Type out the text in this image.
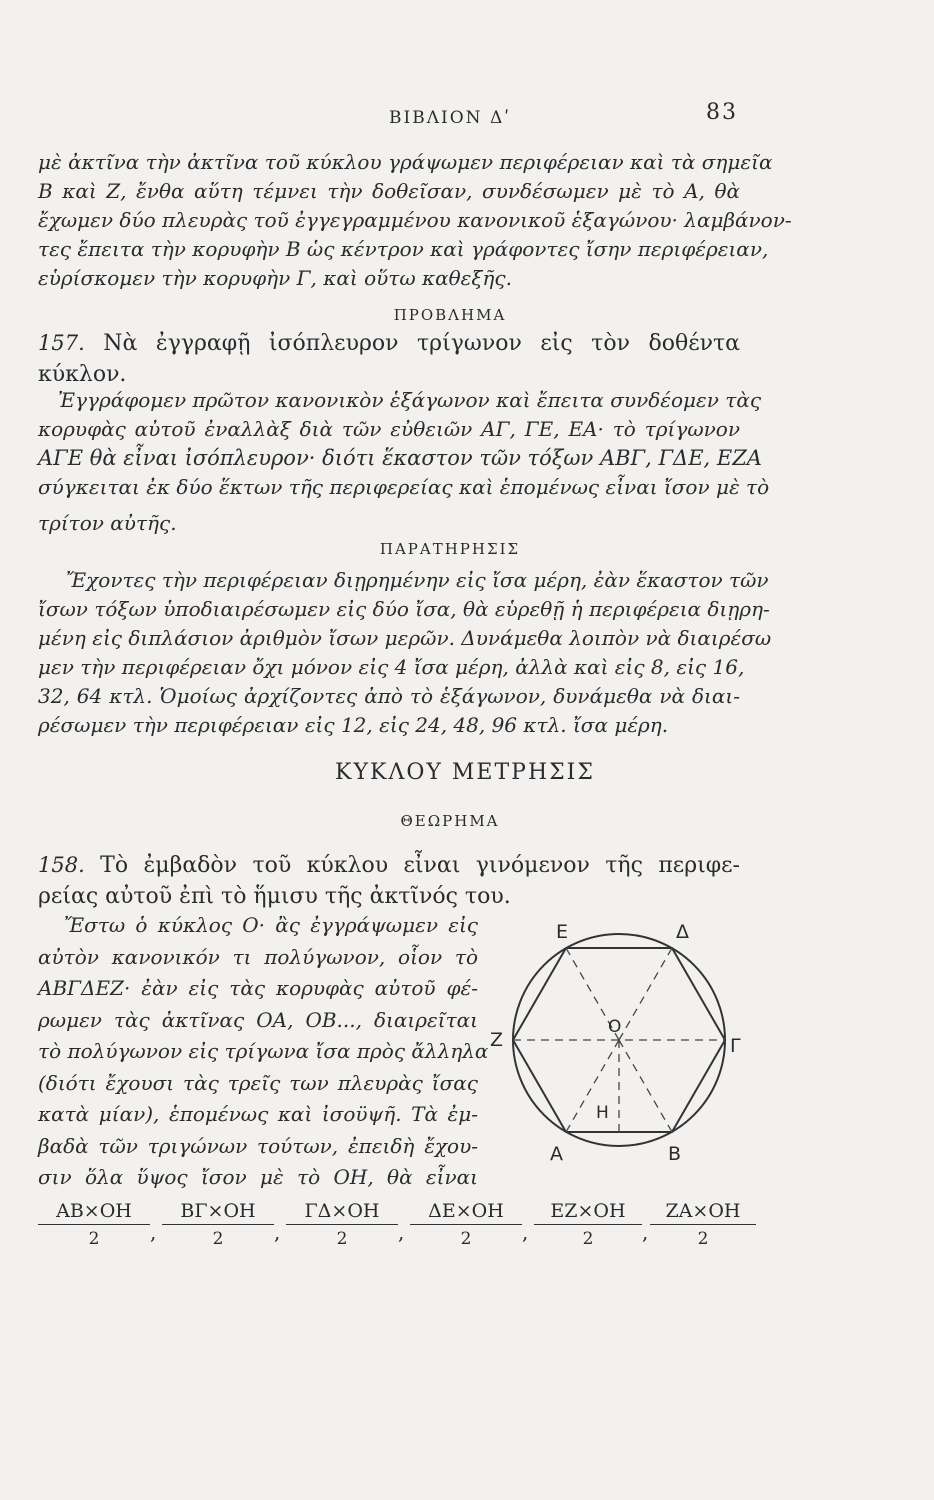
ΒΙΒΛΙΟΝ Δʹ	83
μὲ ἀκτῖνα τὴν ἀκτῖνα τοῦ κύκλου γράψωμεν περιφέρειαν καὶ τὰ σημεῖα
Β καὶ Ζ, ἔνθα αὕτη τέμνει τὴν δοθεῖσαν, συνδέσωμεν μὲ τὸ Α, θὰ
ἔχωμεν δύο πλευρὰς τοῦ ἐγγεγραμμένου κανονικοῦ ἑξαγώνου· λαμβάνον-
τες ἔπειτα τὴν κορυφὴν Β ὡς κέντρον καὶ γράφοντες ἴσην περιφέρειαν,
εὑρίσκομεν τὴν κορυφὴν Γ, καὶ οὕτω καθεξῆς.
ΠΡΟΒΛΗΜΑ
157. Νὰ ἐγγραφῇ ἰσόπλευρον τρίγωνον εἰς τὸν δοθέντα
κύκλον.
Ἐγγράφομεν πρῶτον κανονικὸν ἑξάγωνον καὶ ἔπειτα συνδέομεν τὰς
κορυφὰς αὐτοῦ ἐναλλὰξ διὰ τῶν εὐθειῶν ΑΓ, ΓΕ, ΕΑ· τὸ τρίγωνον
ΑΓΕ θὰ εἶναι ἰσόπλευρον· διότι ἕκαστον τῶν τόξων ΑΒΓ, ΓΔΕ, ΕΖΑ
σύγκειται ἐκ δύο ἕκτων τῆς περιφερείας καὶ ἑπομένως εἶναι ἴσον μὲ τὸ
τρίτον αὐτῆς.
ΠΑΡΑΤΗΡΗΣΙΣ
Ἔχοντες τὴν περιφέρειαν διῃρημένην εἰς ἴσα μέρη, ἐὰν ἕκαστον τῶν
ἴσων τόξων ὑποδιαιρέσωμεν εἰς δύο ἴσα, θὰ εὑρεθῇ ἡ περιφέρεια διῃρη-
μένη εἰς διπλάσιον ἀριθμὸν ἴσων μερῶν. Δυνάμεθα λοιπὸν νὰ διαιρέσω
μεν τὴν περιφέρειαν ὄχι μόνον εἰς 4 ἴσα μέρη, ἀλλὰ καὶ εἰς 8, εἰς 16,
32, 64 κτλ. Ὁμοίως ἀρχίζοντες ἀπὸ τὸ ἑξάγωνον, δυνάμεθα νὰ διαι-
ρέσωμεν τὴν περιφέρειαν εἰς 12, εἰς 24, 48, 96 κτλ. ἴσα μέρη.
ΚΥΚΛΟΥ ΜΕΤΡΗΣΙΣ
ΘΕΩΡΗΜΑ
158. Τὸ ἐμβαδὸν τοῦ κύκλου εἶναι γινόμενον τῆς περιφε-
ρείας αὐτοῦ ἐπὶ τὸ ἥμισυ τῆς ἀκτῖνός του.
Ἔστω ὁ κύκλος Ο· ἂς ἐγγράψωμεν εἰς
αὐτὸν κανονικόν τι πολύγωνον, οἷον τὸ
ΑΒΓΔΕΖ· ἐὰν εἰς τὰς κορυφὰς αὐτοῦ φέ-
ρωμεν τὰς ἀκτῖνας ΟΑ, ΟΒ..., διαιρεῖται
τὸ πολύγωνον εἰς τρίγωνα ἴσα πρὸς ἄλληλα
(διότι ἔχουσι τὰς τρεῖς των πλευρὰς ἴσας
κατὰ μίαν), ἑπομένως καὶ ἰσοϋψῆ. Τὰ ἐμ-
βαδὰ τῶν τριγώνων τούτων, ἐπειδὴ ἔχου-
σιν ὅλα ὕψος ἴσον μὲ τὸ ΟΗ, θὰ εἶναι
Ε	Δ
Ζ	Γ
Α	Β
Ο
Η
$\frac{AB\times OH}{2}$ , $\frac{B\Gamma\times OH}{2}$ , $\frac{\Gamma\Delta\times OH}{2}$ , $\frac{\Delta E\times OH}{2}$ , $\frac{EZ\times OH}{2}$ , $\frac{ZA\times OH}{2}$
